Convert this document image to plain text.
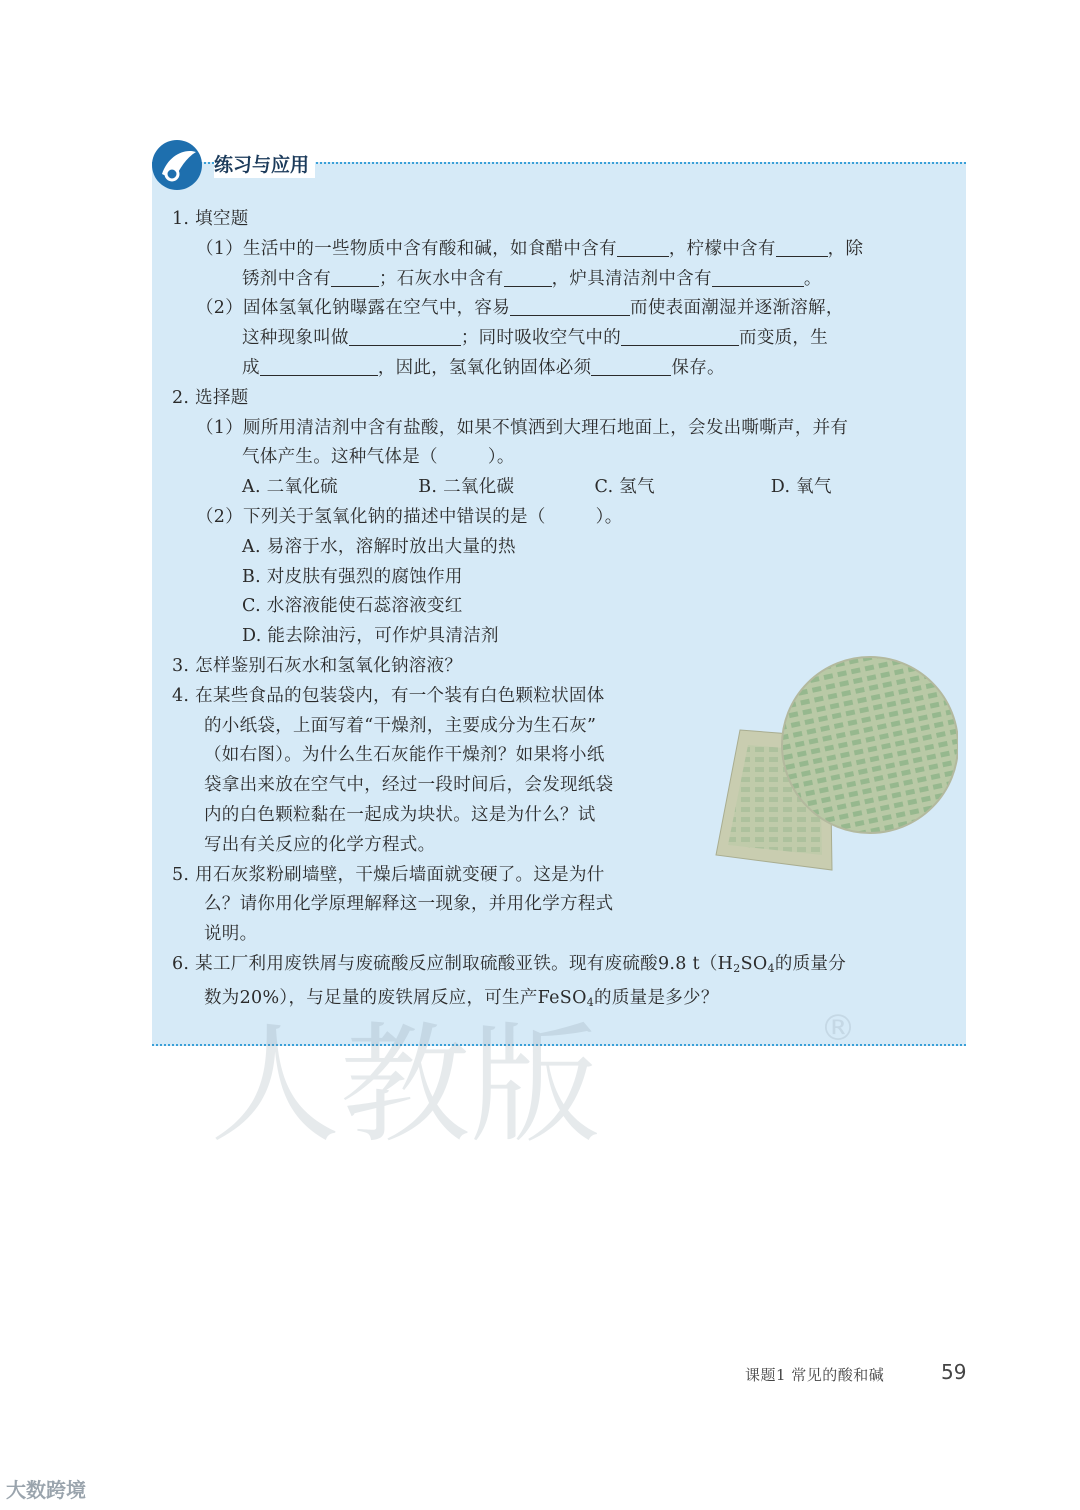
练习与应用
1. 填空题
（1）生活中的一些物质中含有酸和碱，如食醋中含有	，柠檬中含有	，除
锈剂中含有	；石灰水中含有	，炉具清洁剂中含有	。
（2）固体氢氧化钠曝露在空气中，容易	而使表面潮湿并逐渐溶解，
这种现象叫做	；同时吸收空气中的	而变质，生
成	，因此，氢氧化钠固体必须	保存。
2. 选择题
（1）厕所用清洁剂中含有盐酸，如果不慎洒到大理石地面上，会发出嘶嘶声，并有
气体产生。这种气体是（	）。
A. 二氧化硫	B. 二氧化碳	C. 氢气	D. 氧气
（2）下列关于氢氧化钠的描述中错误的是（	）。
A. 易溶于水，溶解时放出大量的热
B. 对皮肤有强烈的腐蚀作用
C. 水溶液能使石蕊溶液变红
D. 能去除油污，可作炉具清洁剂
3. 怎样鉴别石灰水和氢氧化钠溶液？
4. 在某些食品的包装袋内，有一个装有白色颗粒状固体
的小纸袋，上面写着“干燥剂，主要成分为生石灰”
（如右图）。为什么生石灰能作干燥剂？如果将小纸
袋拿出来放在空气中，经过一段时间后，会发现纸袋
内的白色颗粒黏在一起成为块状。这是为什么？试
写出有关反应的化学方程式。
5. 用石灰浆粉刷墙壁，干燥后墙面就变硬了。这是为什
么？请你用化学原理解释这一现象，并用化学方程式
说明。
6. 某工厂利用废铁屑与废硫酸反应制取硫酸亚铁。现有废硫酸9.8 $t(H_2SO_4$的质量分
数为20%），与足量的废铁屑反应，可生产FeSO$_4$的质量是多少？
人教版	®
课题1 常见的酸和碱	59
大数跨境
